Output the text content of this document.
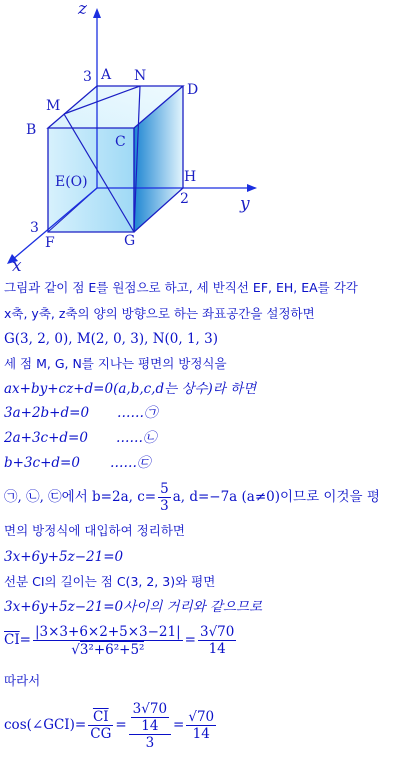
z
y
x
3 A N
D
M
B
C
E(O)	H
2
3
F	G
그림과 같이 점 E를 원점으로 하고, 세 반직선 EF, EH, EA를 각각
x축, y축, z축의 양의 방향으로 하는 좌표공간을 설정하면
G(3, 2, 0), M(2, 0, 3), N(0, 1, 3)
세 점 M, G, N를 지나는 평면의 방정식을
ax+by+cz+d=0(a,b,c,d는 상수)라 하면
3a+2b+d=0 ……㉠
2a+3c+d=0 ……㉡
b+3c+d=0 ……㉢
㉠, ㉡, ㉢에서 b=2a, $c= \frac{5}{3} a$, d=−7a (a≠0)이므로 이것을 평
면의 방정식에 대입하여 정리하면
3x+6y+5z−21=0
선분 CI의 길이는 점 C(3, 2, 3)와 평면
3x+6y+5z−21=0사이의 거리와 같으므로
$\overline{CI}= \frac{|3\times 3+6\times 2+5\times 3-21|}{\text{√3²+6²+5²}} = \frac{3√70}{14}$
따라서
cos(∠GCI)= $\frac{\overline{CI}}{CG} = \frac{\frac{3√70}{14}}{3} = \frac{√70}{14}$
